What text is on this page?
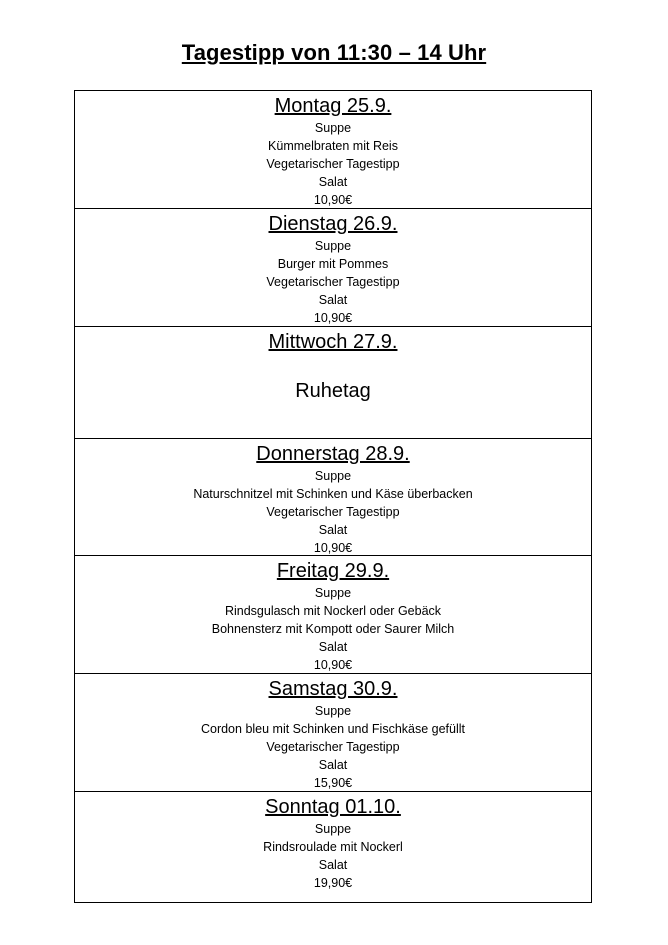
Tagestipp von 11:30 – 14 Uhr
Montag 25.9.
Suppe
Kümmelbraten mit Reis
Vegetarischer Tagestipp
Salat
10,90€
Dienstag 26.9.
Suppe
Burger mit Pommes
Vegetarischer Tagestipp
Salat
10,90€
Mittwoch 27.9.
Ruhetag
Donnerstag 28.9.
Suppe
Naturschnitzel mit Schinken und Käse überbacken
Vegetarischer Tagestipp
Salat
10,90€
Freitag 29.9.
Suppe
Rindsgulasch mit Nockerl oder Gebäck
Bohnensterz mit Kompott oder Saurer Milch
Salat
10,90€
Samstag 30.9.
Suppe
Cordon bleu mit Schinken und Fischkäse gefüllt
Vegetarischer Tagestipp
Salat
15,90€
Sonntag 01.10.
Suppe
Rindsroulade mit Nockerl
Salat
19,90€
